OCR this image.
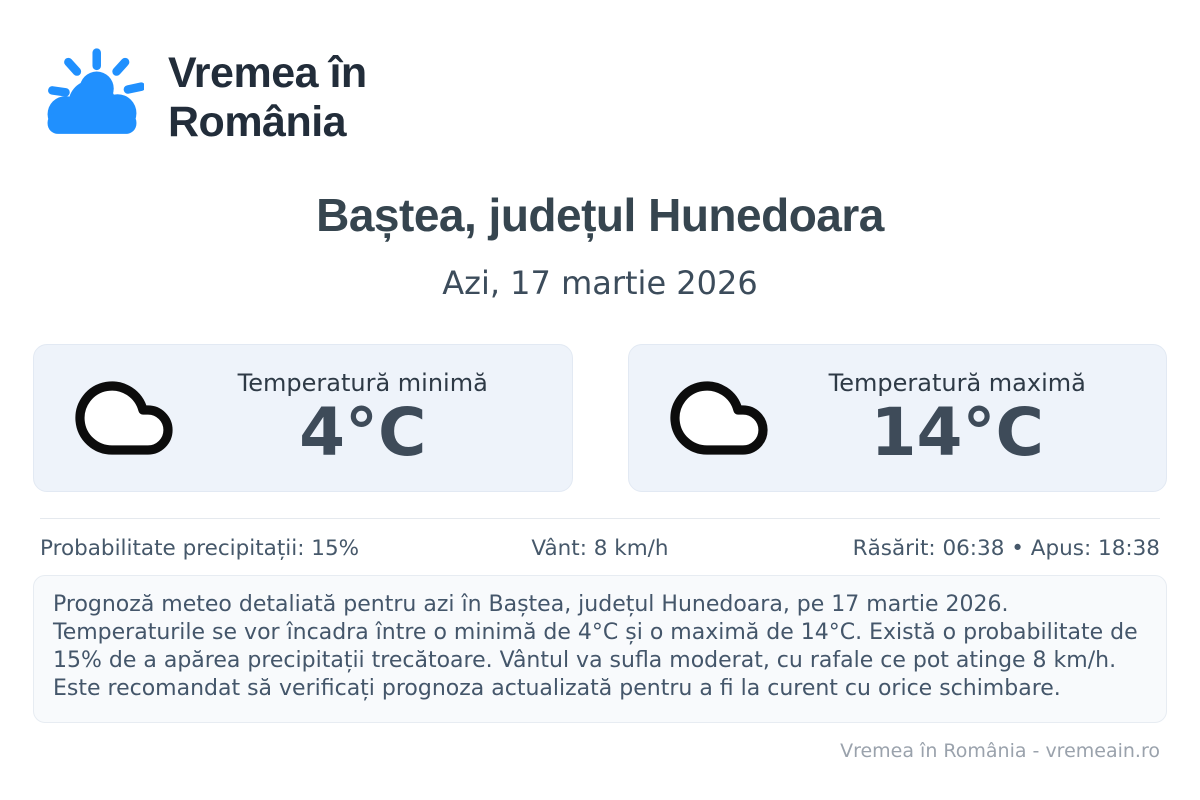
Vremea în
România
Baștea, județul Hunedoara
Azi, 17 martie 2026
Temperatură minimă
4°C
Temperatură maximă
14°C
Probabilitate precipitații: 15%	Vânt: 8 km/h	Răsărit: 06:38 • Apus: 18:38
Prognoză meteo detaliată pentru azi în Baștea, județul Hunedoara, pe 17 martie 2026. Temperaturile se vor încadra între o minimă de 4°C și o maximă de 14°C. Există o probabilitate de 15% de a apărea precipitații trecătoare. Vântul va sufla moderat, cu rafale ce pot atinge 8 km/h. Este recomandat să verificați prognoza actualizată pentru a fi la curent cu orice schimbare.
Vremea în România - vremeain.ro
